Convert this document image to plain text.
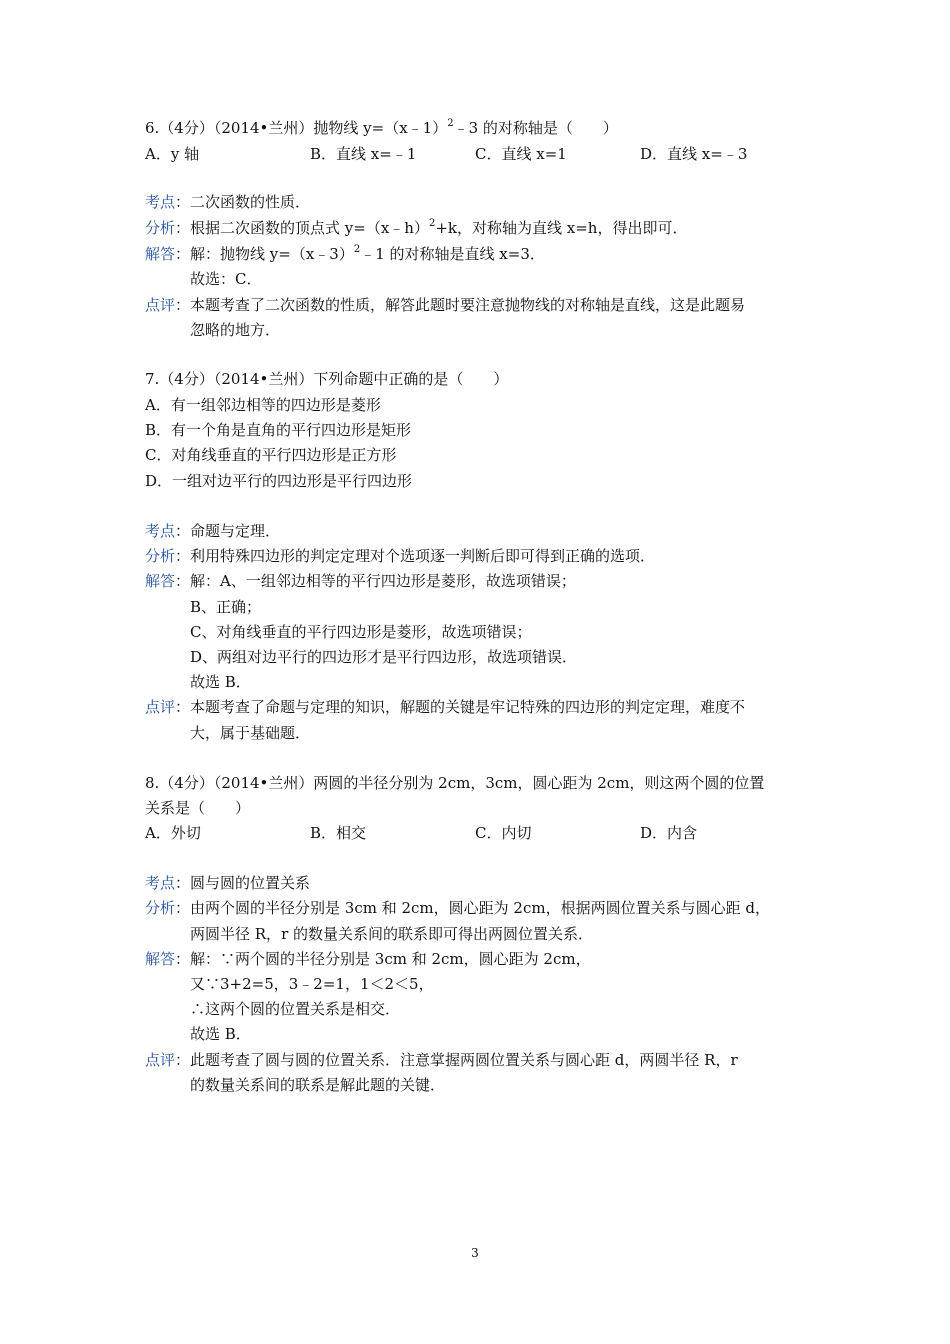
6.（4分）（2014•兰州）抛物线 y=（x﹣1）$^2$﹣3 的对称轴是（　　）
A．y 轴	B．直线 x=﹣1	C．直线 x=1	D．直线 x=﹣3
考点：二次函数的性质．
分析：根据二次函数的顶点式 y=（x﹣h）$^2$+k，对称轴为直线 x=h，得出即可．
解答：解：抛物线 y=（x﹣3）$^2$﹣1 的对称轴是直线 x=3．
故选：C．
点评：本题考查了二次函数的性质，解答此题时要注意抛物线的对称轴是直线，这是此题易
忽略的地方．
7.（4分）（2014•兰州）下列命题中正确的是（　　）
A．有一组邻边相等的四边形是菱形
B．有一个角是直角的平行四边形是矩形
C．对角线垂直的平行四边形是正方形
D．一组对边平行的四边形是平行四边形
考点：命题与定理．
分析：利用特殊四边形的判定定理对个选项逐一判断后即可得到正确的选项．
解答：解：A、一组邻边相等的平行四边形是菱形，故选项错误；
B、正确；
C、对角线垂直的平行四边形是菱形，故选项错误；
D、两组对边平行的四边形才是平行四边形，故选项错误．
故选 B．
点评：本题考查了命题与定理的知识，解题的关键是牢记特殊的四边形的判定定理，难度不
大，属于基础题．
8.（4分）（2014•兰州）两圆的半径分别为 2cm，3cm，圆心距为 2cm，则这两个圆的位置
关系是（　　）
A．外切	B．相交	C．内切	D．内含
考点：圆与圆的位置关系
分析：由两个圆的半径分别是 3cm 和 2cm，圆心距为 2cm，根据两圆位置关系与圆心距 d，
两圆半径 R，r 的数量关系间的联系即可得出两圆位置关系．
解答：解：∵两个圆的半径分别是 3cm 和 2cm，圆心距为 2cm，
又∵3+2=5，3﹣2=1，1＜2＜5，
∴这两个圆的位置关系是相交．
故选 B．
点评：此题考查了圆与圆的位置关系．注意掌握两圆位置关系与圆心距 d，两圆半径 R，r
的数量关系间的联系是解此题的关键．
3
